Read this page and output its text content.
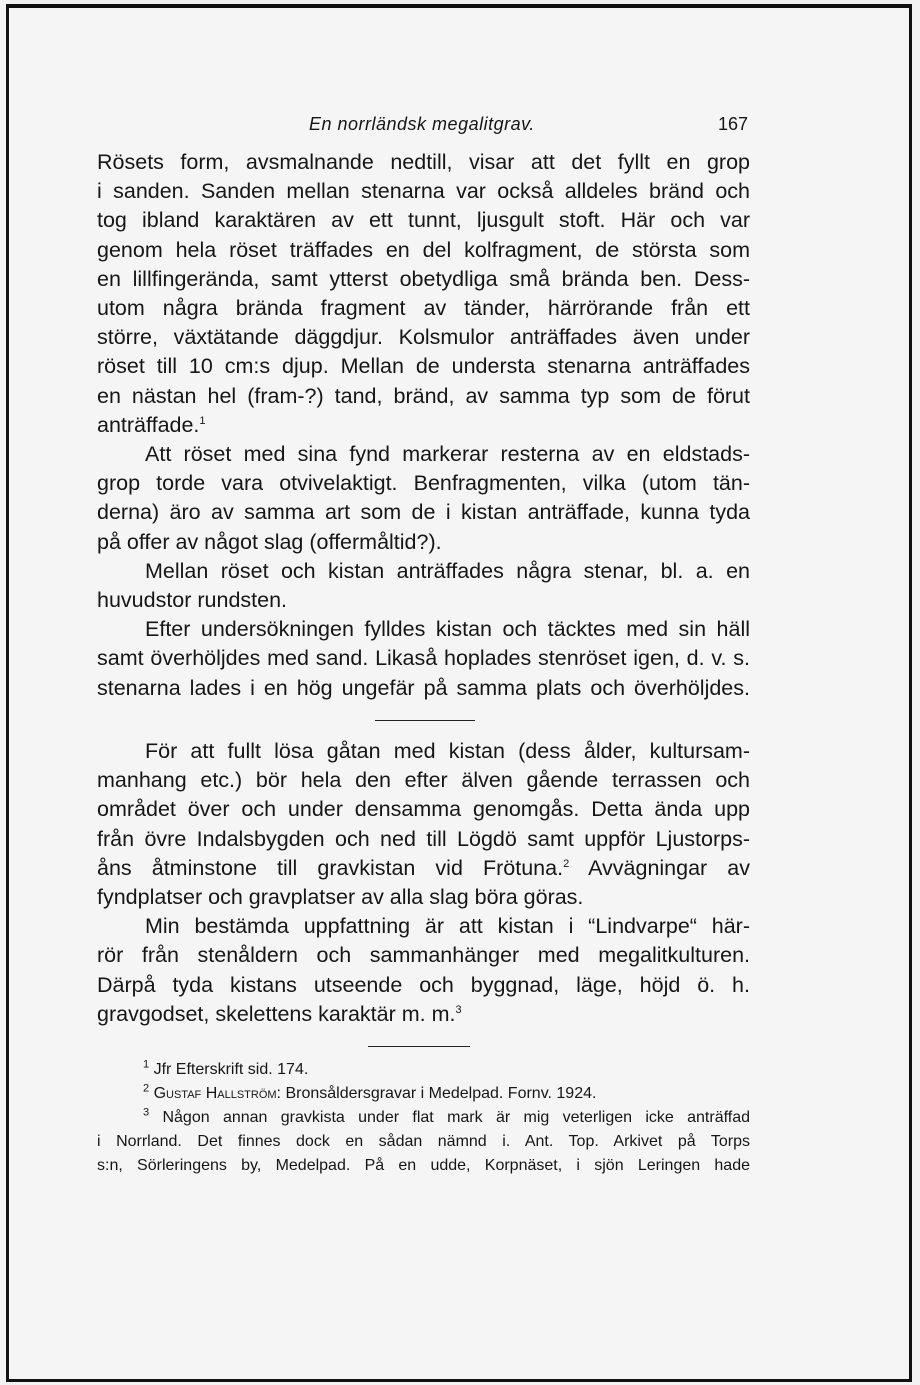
En norrländsk megalitgrav.	167

Rösets form, avsmalnande nedtill, visar att det fyllt en grop
i sanden. Sanden mellan stenarna var också alldeles bränd och
tog ibland karaktären av ett tunnt, ljusgult stoft. Här och var
genom hela röset träffades en del kolfragment, de största som
en lillfingerända, samt ytterst obetydliga små brända ben. Dess-
utom några brända fragment av tänder, härrörande från ett
större, växtätande däggdjur. Kolsmulor anträffades även under
röset till 10 cm:s djup. Mellan de understa stenarna anträffades
en nästan hel (fram-?) tand, bränd, av samma typ som de förut
anträffade.$^1$

Att röset med sina fynd markerar resterna av en eldstads-
grop torde vara otvivelaktigt. Benfragmenten, vilka (utom tän-
derna) äro av samma art som de i kistan anträffade, kunna tyda
på offer av något slag (offermåltid?).

Mellan röset och kistan anträffades några stenar, bl. a. en
huvudstor rundsten.

Efter undersökningen fylldes kistan och täcktes med sin häll
samt överhöljdes med sand. Likaså hoplades stenröset igen, d. v. s.
stenarna lades i en hög ungefär på samma plats och överhöljdes.

För att fullt lösa gåtan med kistan (dess ålder, kultursam-
manhang etc.) bör hela den efter älven gående terrassen och
området över och under densamma genomgås. Detta ända upp
från övre Indalsbygden och ned till Lögdö samt uppför Ljustorps-
åns åtminstone till gravkistan vid Frötuna.$^2$ Avvägningar av
fyndplatser och gravplatser av alla slag böra göras.

Min bestämda uppfattning är att kistan i “Lindvarpe“ här-
rör från stenåldern och sammanhänger med megalitkulturen.
Därpå tyda kistans utseende och byggnad, läge, höjd ö. h.
gravgodset, skelettens karaktär m. m.$^3$

$^1$ Jfr Efterskrift sid. 174.
$^2$ Gustaf Hallström: Bronsåldersgravar i Medelpad. Fornv. 1924.
$^3$ Någon annan gravkista under flat mark är mig veterligen icke anträffad
i Norrland. Det finnes dock en sådan nämnd i. Ant. Top. Arkivet på Torps
s:n, Sörleringens by, Medelpad. På en udde, Korpnäset, i sjön Leringen hade
